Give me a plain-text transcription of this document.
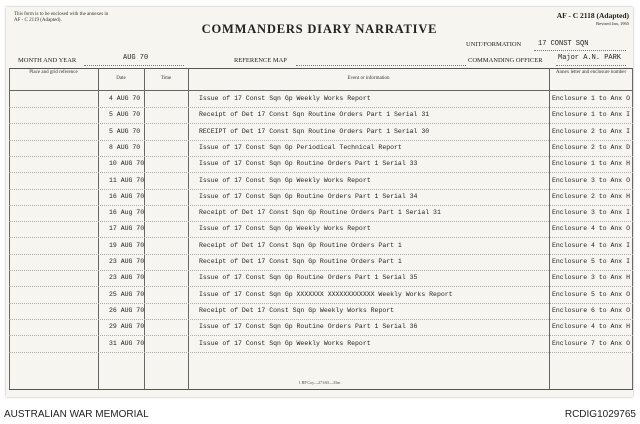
This form is to be enclosed with the annexes in AF - C 2119 (Adapted).
COMMANDERS DIARY NARRATIVE
AF - C 2118 (Adapted)
Revised Jan, 1965
UNIT/FORMATION 17 CONST SQN
MONTH AND YEAR	AUG 70	REFERENCE MAP	COMMANDING OFFICER Major A.N. PARK
Place and grid reference
Date	Time	Event or information
Annex letter and enclosure number
4 AUG 70	Issue of 17 Const Sqn Gp Weekly Works Report	Enclosure 1 to Anx O
5 AUG 70	Receipt of Det 17 Const Sqn Routine Orders Part 1 Serial 31	Enclosure 1 to Anx I
5 AUG 70	RECEIPT of Det 17 Const Sqn Routine Orders Part 1 Serial 30	Enclosure 2 to Anx I
8 AUG 70	Issue of 17 Const Sqn Gp Periodical Technical Report	Enclosure 2 to Anx D
10 AUG 70	Issue of 17 Const Sqn Gp Routine Orders Part 1 Serial 33	Enclosure 1 to Anx H
11 AUG 70	Issue of 17 Const Sqn Gp Weekly Works Report	Enclosure 3 to Anx O
16 AUG 70	Issue of 17 Const Sqn Gp Routine Orders Part 1 Serial 34	Enclosure 2 to Anx H
16 Aug 70	Receipt of Det 17 Const Sqn Gp Routine Orders Part 1 Serial 31	Enclosure 3 to Anx I
17 AUG 70	Issue of 17 Const Sqn Gp Weekly Works Report	Enclosure 4 to Anx O
19 AUG 70	Receipt of Det 17 Const Sqn Gp Routine Orders Part 1	Enclosure 4 to Anx I
23 AUG 70	Receipt of Det 17 Const Sqn Gp Routine Orders Part 1	Enclosure 5 to Anx I
23 AUG 70	Issue of 17 Const Sqn Gp Routine Orders Part 1 Serial 35	Enclosure 3 to Anx H
25 AUG 70	Issue of 17 Const Sqn Gp XXXXXXX XXXXXXXXXXXX Weekly Works Report	Enclosure 5 to Anx O
26 AUG 70	Receipt of Det 17 Const Sqn Gp Weekly Works Report	Enclosure 6 to Anx O
29 AUG 70	Issue of 17 Const Sqn Gp Routine Orders Part 1 Serial 36	Enclosure 4 to Anx H
31 AUG 70	Issue of 17 Const Sqn Gp Weekly Works Report	Enclosure 7 to Anx O
1 RP Coy—271/65—35m
AUSTRALIAN WAR MEMORIAL	RCDIG1029765
